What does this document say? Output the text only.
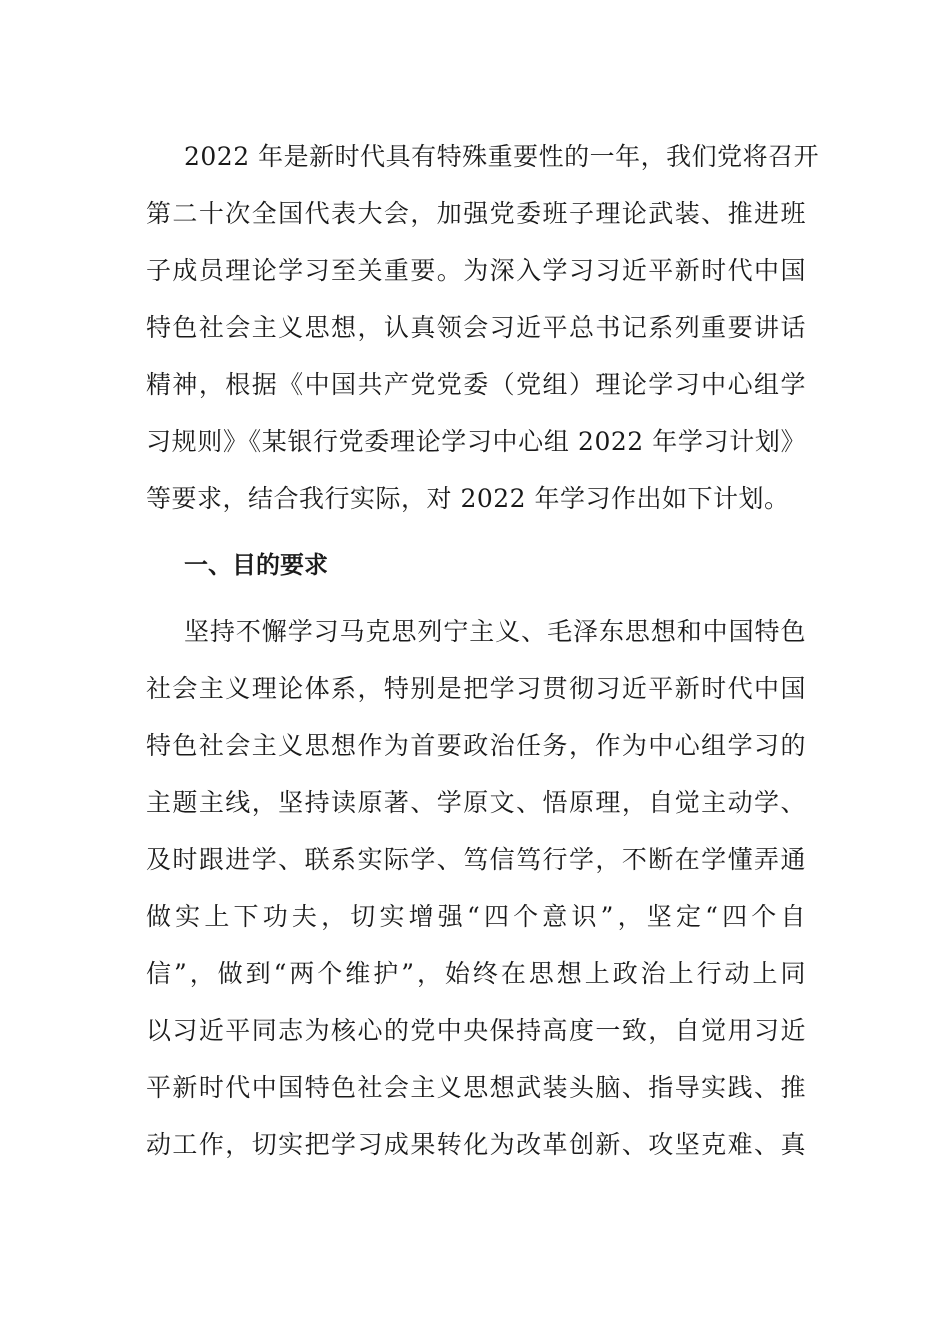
2022 年是新时代具有特殊重要性的一年，我们党将召开
第二十次全国代表大会，加强党委班子理论武装、推进班
子成员理论学习至关重要。为深入学习习近平新时代中国
特色社会主义思想，认真领会习近平总书记系列重要讲话
精神，根据《中国共产党党委（党组）理论学习中心组学
习规则》《某银行党委理论学习中心组 2022 年学习计划》
等要求，结合我行实际，对 2022 年学习作出如下计划。
一、目的要求
坚持不懈学习马克思列宁主义、毛泽东思想和中国特色
社会主义理论体系，特别是把学习贯彻习近平新时代中国
特色社会主义思想作为首要政治任务，作为中心组学习的
主题主线，坚持读原著、学原文、悟原理，自觉主动学、
及时跟进学、联系实际学、笃信笃行学，不断在学懂弄通
做实上下功夫，切实增强“四个意识”，坚定“四个自
信”，做到“两个维护”，始终在思想上政治上行动上同
以习近平同志为核心的党中央保持高度一致，自觉用习近
平新时代中国特色社会主义思想武装头脑、指导实践、推
动工作，切实把学习成果转化为改革创新、攻坚克难、真
